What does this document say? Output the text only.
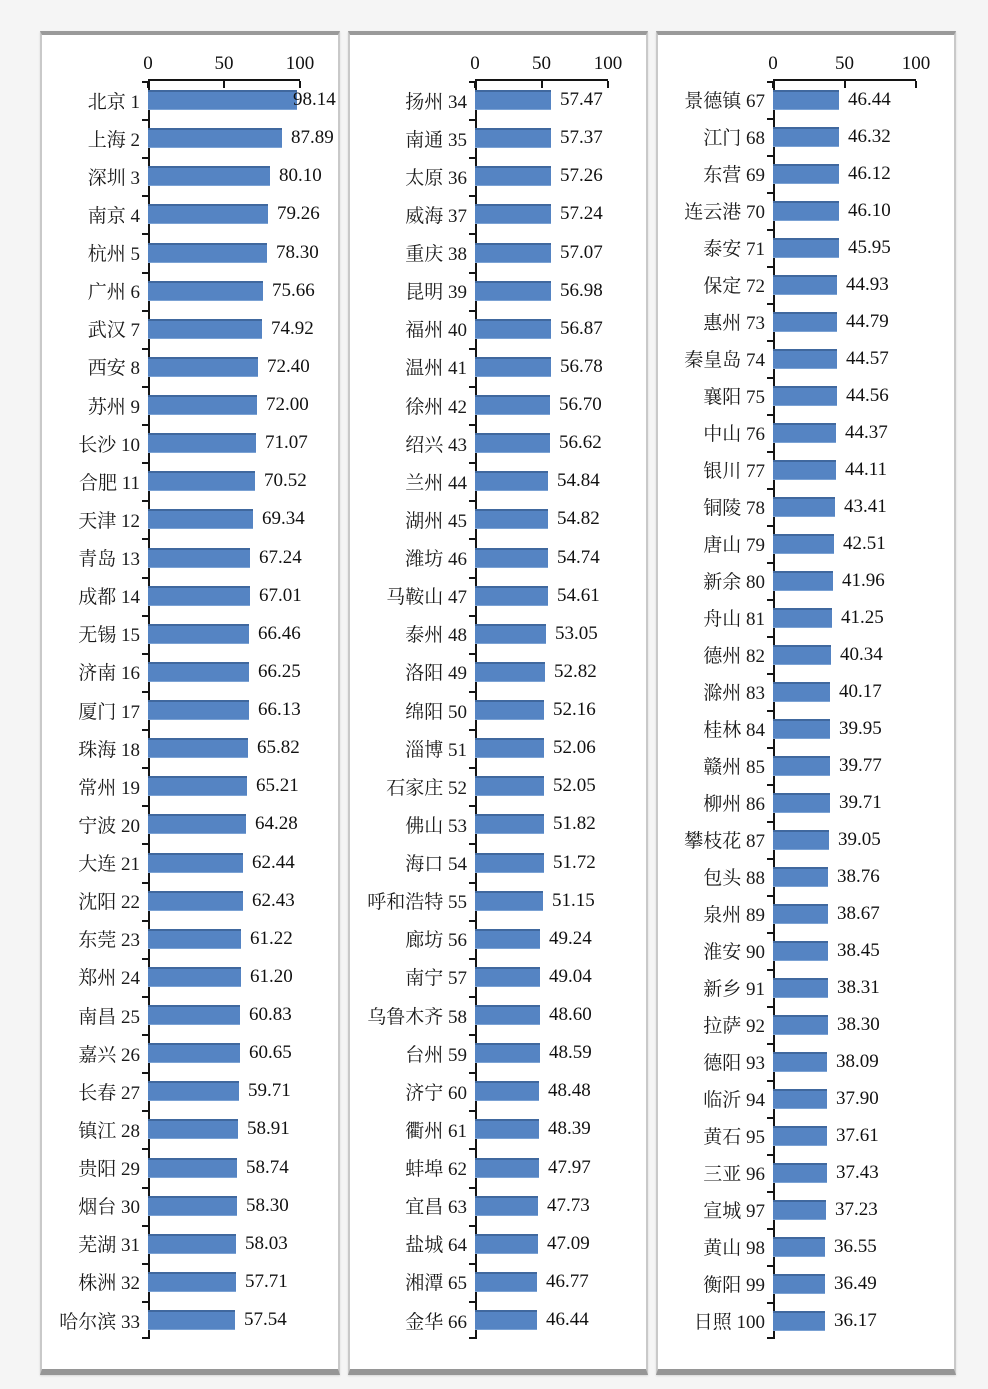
0	50	100
北京 1	98.14
上海 2	87.89
深圳 3	80.10
南京 4	79.26
杭州 5	78.30
广州 6	75.66
武汉 7	74.92
西安 8	72.40
苏州 9	72.00
长沙 10	71.07
合肥 11	70.52
天津 12	69.34
青岛 13	67.24
成都 14	67.01
无锡 15	66.46
济南 16	66.25
厦门 17	66.13
珠海 18	65.82
常州 19	65.21
宁波 20	64.28
大连 21	62.44
沈阳 22	62.43
东莞 23	61.22
郑州 24	61.20
南昌 25	60.83
嘉兴 26	60.65
长春 27	59.71
镇江 28	58.91
贵阳 29	58.74
烟台 30	58.30
芜湖 31	58.03
株洲 32	57.71
哈尔滨 33	57.54
0	50 100
扬州 34	57.47
南通 35	57.37
太原 36	57.26
威海 37	57.24
重庆 38	57.07
昆明 39	56.98
福州 40	56.87
温州 41	56.78
徐州 42	56.70
绍兴 43	56.62
兰州 44	54.84
湖州 45	54.82
潍坊 46	54.74
马鞍山 47	54.61
泰州 48	53.05
洛阳 49	52.82
绵阳 50	52.16
淄博 51	52.06
石家庄 52	52.05
佛山 53	51.82
海口 54	51.72
呼和浩特 55	51.15
廊坊 56	49.24
南宁 57	49.04
乌鲁木齐 58	48.60
台州 59	48.59
济宁 60	48.48
衢州 61	48.39
蚌埠 62	47.97
宜昌 63	47.73
盐城 64	47.09
湘潭 65	46.77
金华 66	46.44
0	50	100
景德镇 67	46.44
江门 68	46.32
东营 69	46.12
连云港 70	46.10
泰安 71	45.95
保定 72	44.93
惠州 73	44.79
秦皇岛 74	44.57
襄阳 75	44.56
中山 76	44.37
银川 77	44.11
铜陵 78	43.41
唐山 79	42.51
新余 80	41.96
舟山 81	41.25
德州 82	40.34
滁州 83	40.17
桂林 84	39.95
赣州 85	39.77
柳州 86	39.71
攀枝花 87	39.05
包头 88	38.76
泉州 89	38.67
淮安 90	38.45
新乡 91	38.31
拉萨 92	38.30
德阳 93	38.09
临沂 94	37.90
黄石 95	37.61
三亚 96	37.43
宣城 97	37.23
黄山 98	36.55
衡阳 99	36.49
日照 100	36.17
